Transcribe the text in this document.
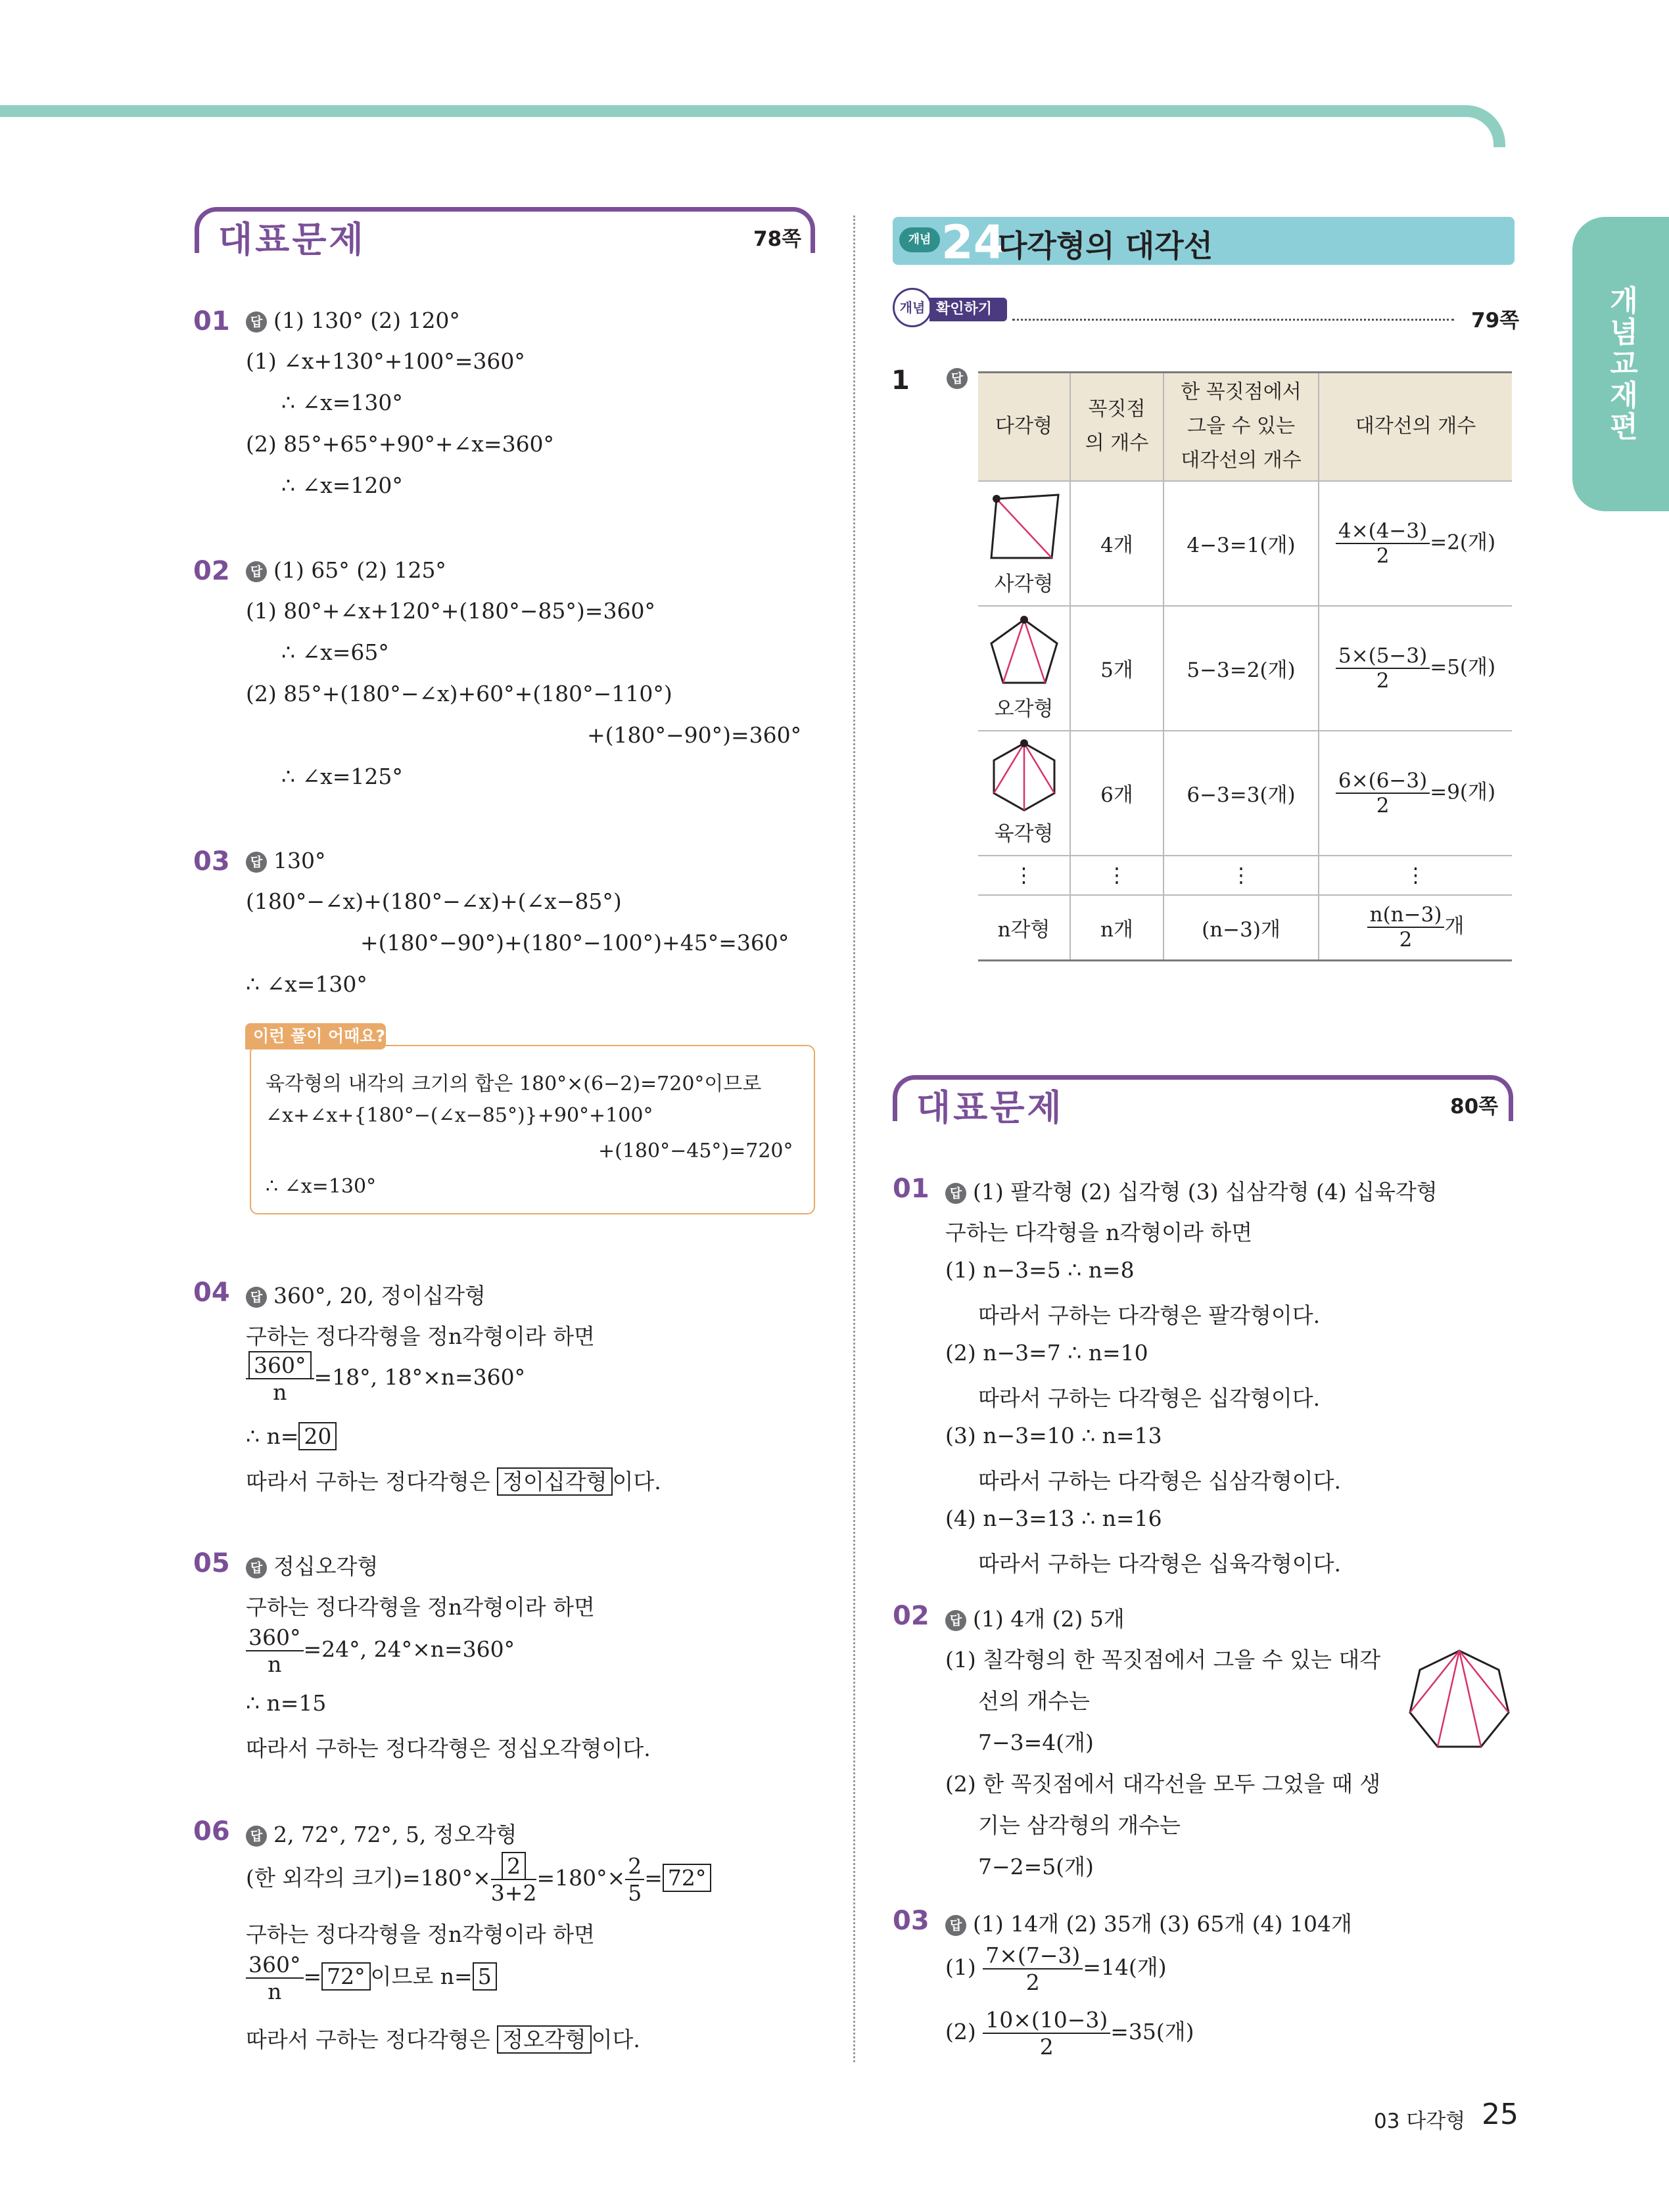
개념교재편
대표문제	78쪽
01	답 (1) 130° (2) 120°
(1) ∠x+130°+100°=360°
∴ ∠x=130°
(2) 85°+65°+90°+∠x=360°
∴ ∠x=120°
02	답 (1) 65° (2) 125°
(1) 80°+∠x+120°+(180°−85°)=360°
∴ ∠x=65°
(2) 85°+(180°−∠x)+60°+(180°−110°)
+(180°−90°)=360°
∴ ∠x=125°
03	답 130°
(180°−∠x)+(180°−∠x)+(∠x−85°)
+(180°−90°)+(180°−100°)+45°=360°
∴ ∠x=130°
이런 풀이 어때요?
육각형의 내각의 크기의 합은 180°×(6−2)=720°이므로
∠x+∠x+{180°−(∠x−85°)}+90°+100°
+(180°−45°)=720°
∴ ∠x=130°
04	답 360°, 20, 정이십각형
구하는 정다각형을 정n각형이라 하면
$\frac{360^\circ}{n} =18^\circ$, 18°×n=360°
∴ n= 20
따라서 구하는 정다각형은 정이십각형 이다.
05	답 정십오각형
구하는 정다각형을 정n각형이라 하면
$\frac{360^\circ}{n} =24^\circ$, 24°×n=360°
∴ n=15
따라서 구하는 정다각형은 정십오각형이다.
06	답 2, 72°, 72°, 5, 정오각형
(한 외각의 크기)$=180^\circ\times \frac{2}{3+2} =180^\circ\times \frac{2}{5} = 72^\circ$
구하는 정다각형을 정n각형이라 하면
$\frac{360^\circ}{n} = 72^\circ$ 이므로 n= 5
따라서 구하는 정다각형은 정오각형 이다.
개념 24
다각형의 대각선
개념 확인하기	79쪽
1	답
다각형	꼭짓점의 개수	한 꼭짓점에서 그을 수 있는 대각선의 개수	대각선의 개수

사각형	4개	4−3=1(개)	$\frac{4\times(4-3)}{2} =2$(개)

오각형	5개	5−3=2(개)	$\frac{5\times(5-3)}{2} =5$(개)

육각형	6개	6−3=3(개)	$\frac{6\times(6-3)}{2} =9$(개)
⋮	⋮	⋮	⋮
n각형	n개	(n−3)개	$\frac{n(n-3)}{2}$ 개
대표문제	80쪽
01	답 (1) 팔각형 (2) 십각형 (3) 십삼각형 (4) 십육각형
구하는 다각형을 n각형이라 하면
(1) n−3=5 ∴ n=8
따라서 구하는 다각형은 팔각형이다.
(2) n−3=7 ∴ n=10
따라서 구하는 다각형은 십각형이다.
(3) n−3=10 ∴ n=13
따라서 구하는 다각형은 십삼각형이다.
(4) n−3=13 ∴ n=16
따라서 구하는 다각형은 십육각형이다.
02	답 (1) 4개 (2) 5개
(1) 칠각형의 한 꼭짓점에서 그을 수 있는 대각
선의 개수는
7−3=4(개)
(2) 한 꼭짓점에서 대각선을 모두 그었을 때 생
기는 삼각형의 개수는
7−2=5(개)
03	답 (1) 14개 (2) 35개 (3) 65개 (4) 104개
$(1) \frac{7\times(7-3)}{2} =14$(개)
$(2) \frac{10\times(10-3)}{2} =35$(개)
03 다각형 25
